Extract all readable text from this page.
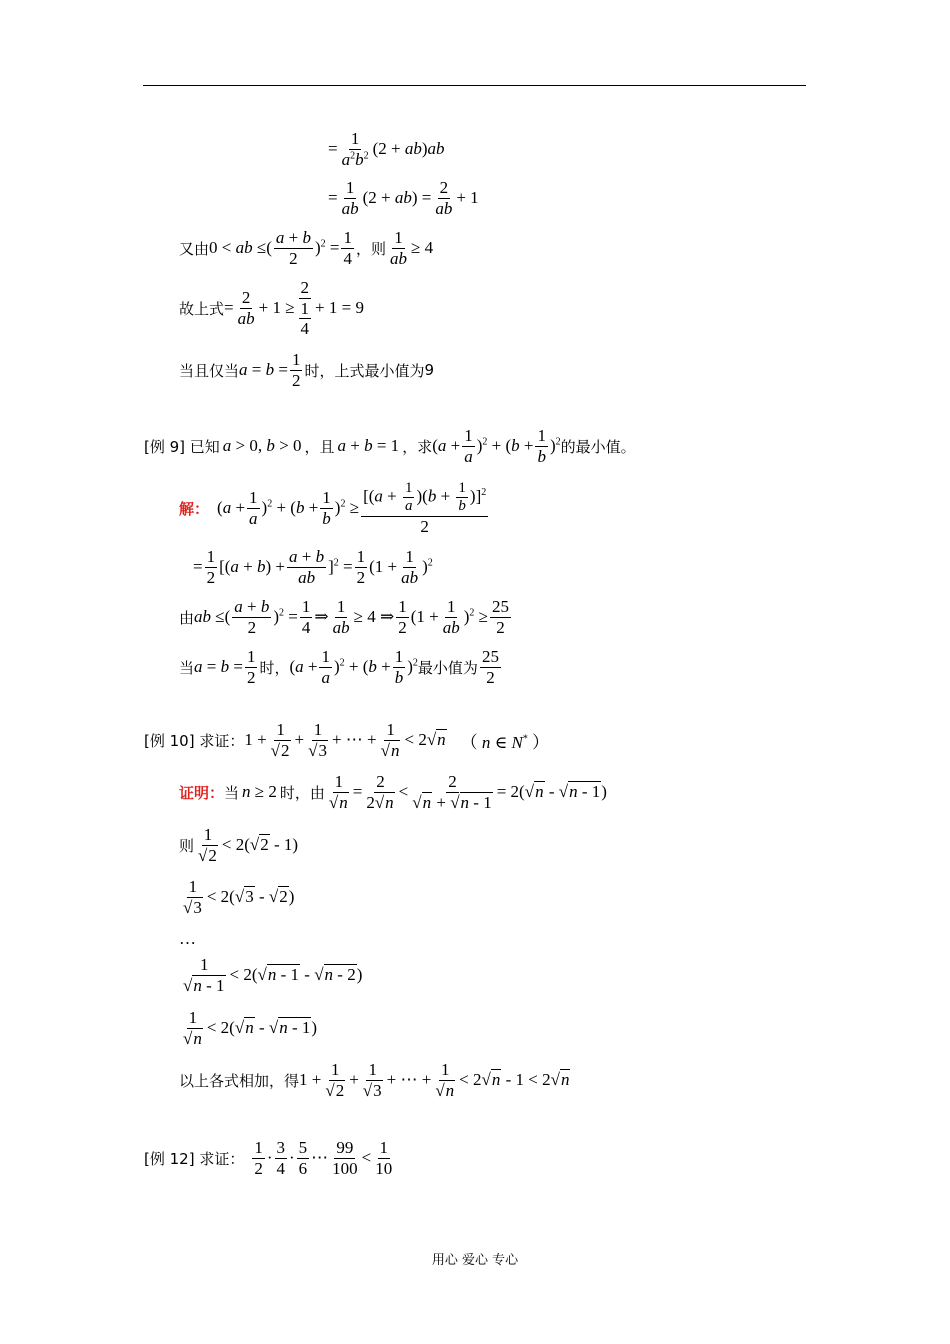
= $\frac{1}{a^2b^2} (2 + ab)ab$
= $\frac{1}{ab} (2 + ab) = \frac{2}{ab} + 1$
又由 0 < ab ≤( $\frac{a + b}{2} )^2 = \frac{1}{4}$ ，则 $\frac{1}{ab} \ge 4$
故上式 = $\frac{2}{ab} + 1 \ge \frac{2}{\frac{1}{4}} + 1 = 9$
当且仅当 $a = b = \frac{1}{2}$ 时，上式最小值为 9
[例 9] 已知 a > 0, b > 0 ，且 a + b = 1 ，求 $(a + \frac{1}{a} )^2 + (b + \frac{1}{b} )^2$ 的最小值。
解： $(a + \frac{1}{a} )^2 + (b + \frac{1}{b} )^2 \ge \frac{[(a + \frac{1}{a} )(b + \frac{1}{b} )]^2}{2}$
= $\frac{1}{2} [(a + b) + \frac{a + b}{ab} ]^2 = \frac{1}{2} (1 + \frac{1}{ab} )^2$
由 ab ≤( $\frac{a + b}{2} )^2 = \frac{1}{4}$ ⇒ $\frac{1}{ab} \ge 4$ ⇒ $\frac{1}{2} (1 + \frac{1}{ab} )^2 \ge \frac{25}{2}$
当 $a = b = \frac{1}{2}$ 时， $(a + \frac{1}{a} )^2 + (b + \frac{1}{b} )^2$ 最小值为 $\frac{25}{2}$
[例 10] 求证： 1 + 1
√ 2 + 1
√ 3 + ⋯ + 1
√ n < 2 √ n （ n ∈ N* ）
证明： 当 n ≥ 2 时，由 1
√ $n = \frac{2}{2 √ n} < 2$
√ n + √ n - 1 = 2( √ n - √ n - 1)
则 1
√ 2 < 2( √ 2 - 1)
1
√ 3 < 2( √ 3 - √ 2)
…
1
√ n - 1 < 2( √ n - 1 - √ n - 2)
1
√ n < 2( √ n - √ n - 1)
以上各式相加，得 1 + 1
√ 2 + 1
√ 3 + ⋯ + 1
√ n < 2 √ n - 1 < 2 √ n
[例 12] 求证： $\frac{1}{2} \cdot \frac{3}{4} \cdot \frac{5}{6}$ ⋯ $\frac{99}{100} < \frac{1}{10}$
用心 爱心 专心
